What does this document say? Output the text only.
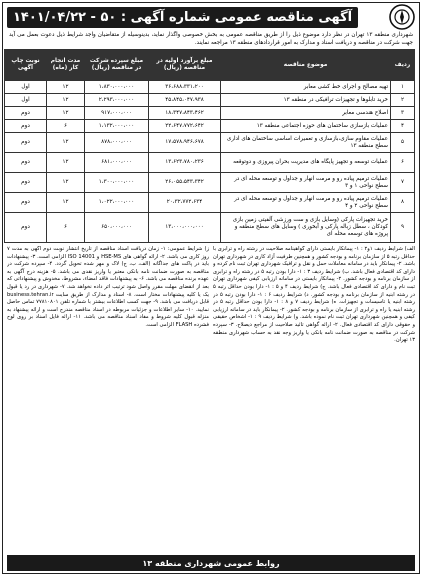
آگهی مناقصه عمومی شماره آگهی : ۵۰ - ۱۴۰۱/۰۴/۲۲
شهرداری منطقه ۱۳ تهران در نظر دارد موضوع ذیل را از طریق مناقصه عمومی به بخش خصوصی واگذار نماید، بدینوسیله از متقاضیان واجد شرایط ذیل دعوت بعمل می آید جهت شرکت در مناقصه و دریافت اسناد و مدارک به امور قراردادهای منطقه ۱۳ مراجعه نمایند.
ردیف	موضوع مناقصه	مبلغ برآورد اولیه در مناقصه (ریال)	مبلغ سپرده شرکت در مناقصه (ریال)	مدت انجام کار (ماه)	نوبت چاپ آگهی
۱	تهیه مصالح و اجرای خط کشی معابر	۳۶،۶۸۸،۳۳۱،۲۰۰	۱،۸۳۰،۰۰۰،۰۰۰	۱۲	اول
۲	خرید تابلوها و تجهیزات ترافیکی در منطقه ۱۳	۴۵،۸۴۵،۰۴۷،۹۳۸	۲،۲۹۳،۰۰۰،۰۰۰	۱۲	اول
۳	اصلاح هندسی معابر	۱۸،۳۴۷،۸۴۳،۴۶۲	۹۱۷،۰۰۰،۰۰۰	۱۲	دوم
۴	عملیات بازسازی ساختمان های حوزه اجتماعی منطقه ۱۳	۲۲،۶۴۷،۷۷۲،۶۴۲	۱،۱۳۲،۰۰۰،۰۰۰	۶	دوم
۵	عملیات مقاوم سازی،بازسازی و تعمیرات اساسی ساختمان های اداری سطح منطقه ۱۳	۱۷،۵۷۸،۹۴۶،۶۷۸	۸۷۸،۰۰۰،۰۰۰	۱۲	دوم
۶	عملیات توسعه و تجهیز پایگاه های مدیریت بحران پیروزی و دوتوقعه	۱۳،۶۲۳،۷۸۰،۲۳۶	۶۸۱،۰۰۰،۰۰۰	۱۲	دوم
۷	عملیات ترمیم پیاده رو و مرمت انهار و جداول و توسعه محله ای در سطح نواحی ۱ و ۳	۲۶،۰۵۵،۵۴۳،۳۴۲	۱،۳۰۰،۰۰۰،۰۰۰	۱۲	دوم
۸	عملیات ترمیم پیاده رو و مرمت انهار و جداول و توسعه محله ای در سطح نواحی ۲ و ۴	۲۰،۳۲،۷۷۲،۶۳۴	۱،۰۲۲،۰۰۰،۰۰۰	۱۲	دوم
۹	خرید تجهیزات پارکی (وسایل بازی و ست ورزشی آلفیتی زمین بازی کودکان ، سطل زباله پارکی و آبخوری ) وسایل های سطح منطقه و پروژه های توسعه محله ای	۱۳،۰۰۰،۰۰۰،۰۰۰	۶۵۰،۰۰۰،۰۰۰	۶	دوم

الف) شرایط ردیف ۱و۲ : ۱- پیمانکار بایستی دارای گواهینامه صلاحیت در رشته راه و ترابری با حداقل رتبه ۵ از سازمان برنامه و بودجه کشور و همچنین طرفیت آزاد کاری در شهرداری تهران باشد. ۲- پیمانکار باید در سامانه معاملات حمل و نقل و ترافیک شهرداری تهران ثبت نام کرده و دارای کد اقتصادی فعال باشد. ب) شرایط ردیف ۳ : ۱- دارا بودن رتبه ۵ در رشته راه و ترابری از سازمان برنامه و بودجه کشور. ۲- پیمانکار بایستی در سامانه ارزیابی کیفی شهرداری تهران ثبت نام و دارای کد اقتصادی فعال باشد. ج) شرایط ردیف ۴ و ۵ : ۱- دارا بودن حداقل رتبه ۵ در رشته ابنیه از سازمان برنامه و بودجه کشور. د) شرایط ردیف ۶ : ۱- دارا بودن رتبه ۵ در رشته ابنیه یا تاسیسات و تجهیزات. ه) شرایط ردیف ۷ و ۸ : ۱- دارا بودن حداقل رتبه ۵ در رشته ابنیه یا راه و ترابری از سازمان برنامه و بودجه کشور. ۲- پیمانکار باید در سامانه ارزیابی کیفی و همچنین شهرداری تهران ثبت نام نموده باشد. و) شرایط ردیف ۹ : ۱- اشخاص حقیقی و حقوقی دارای کد اقتصادی فعال. ۲- ارائه گواهی تائید صلاحیت از مراجع ذیصلاح. ۳- سپرده شرکت در مناقصه به صورت ضمانت نامه بانکی یا واریز وجه نقد به حساب شهرداری منطقه ۱۳ تهران.

ز) شرایط عمومی: ۱- زمان دریافت اسناد مناقصه از تاریخ انتشار نوبت دوم آگهی به مدت ۷ روز کاری می باشد. ۲- ارائه گواهی های HSE-MS و ISO 14001 الزامی است. ۳- پیشنهادات باید در پاکت های جداگانه (الف، ب، ج) لاک و مهر شده تحویل گردد. ۴- سپرده شرکت در مناقصه به صورت ضمانت نامه بانکی معتبر یا واریز نقدی می باشد. ۵- هزینه درج آگهی به عهده برنده مناقصه می باشد. ۶- به پیشنهادات فاقد امضاء، مشروط، مخدوش و پیشنهاداتی که بعد از انقضای مهلت مقرر واصل شود ترتیب اثر داده نخواهد شد. ۷- شهرداری در رد یا قبول یک یا کلیه پیشنهادات مختار است. ۸- اسناد و مدارک از طریق سایت business.tehran.ir قابل دریافت می باشد. ۹- جهت کسب اطلاعات بیشتر با شماره تلفن ۷۷۸۱۰۸۰۱ تماس حاصل نمایید. ۱۰- سایر اطلاعات و جزئیات مربوطه در اسناد مناقصه مندرج است و ارائه پیشنهاد به منزله قبول کلیه شروط و مفاد اسناد مناقصه می باشد. ۱۱- ارائه فایل اسناد بر روی لوح فشرده FLASH الزامی است.

روابط عمومی شهرداری منطقه ۱۳
